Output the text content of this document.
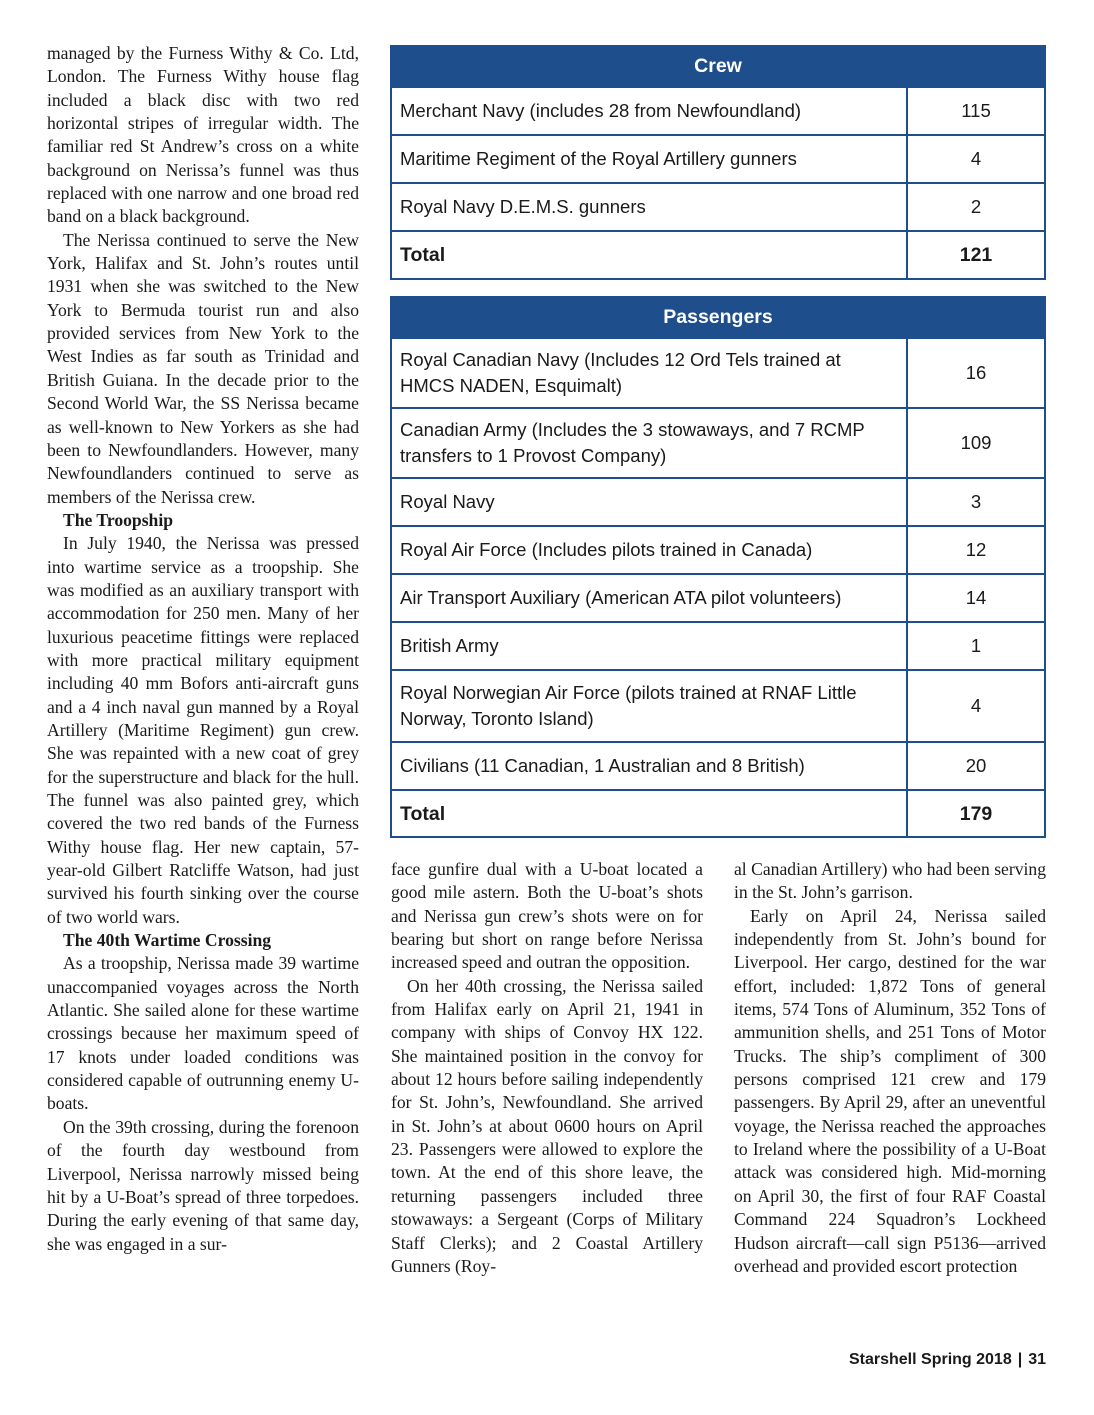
managed by the Furness Withy & Co. Ltd, London. The Furness Withy house flag included a black disc with two red horizontal stripes of irregular width. The familiar red St Andrew’s cross on a white background on Nerissa’s funnel was thus replaced with one narrow and one broad red band on a black background.

The Nerissa continued to serve the New York, Halifax and St. John’s routes until 1931 when she was switched to the New York to Bermuda tourist run and also provided services from New York to the West Indies as far south as Trinidad and British Guiana. In the decade prior to the Second World War, the SS Nerissa became as well-known to New Yorkers as she had been to Newfoundlanders. However, many Newfoundlanders continued to serve as members of the Nerissa crew.

The Troopship

In July 1940, the Nerissa was pressed into wartime service as a troopship. She was modified as an auxiliary transport with accommodation for 250 men. Many of her luxurious peacetime fittings were replaced with more practical military equipment including 40 mm Bofors anti-aircraft guns and a 4 inch naval gun manned by a Royal Artillery (Maritime Regiment) gun crew. She was repainted with a new coat of grey for the superstructure and black for the hull. The funnel was also painted grey, which covered the two red bands of the Furness Withy house flag. Her new captain, 57-year-old Gilbert Ratcliffe Watson, had just survived his fourth sinking over the course of two world wars.

The 40th Wartime Crossing

As a troopship, Nerissa made 39 wartime unaccompanied voyages across the North Atlantic. She sailed alone for these wartime crossings because her maximum speed of 17 knots under loaded conditions was considered capable of outrunning enemy U-boats.

On the 39th crossing, during the forenoon of the fourth day westbound from Liverpool, Nerissa narrowly missed being hit by a U-Boat’s spread of three torpedoes. During the early evening of that same day, she was engaged in a sur-

Crew	
Merchant Navy (includes 28 from Newfoundland)	115
Maritime Regiment of the Royal Artillery gunners	4
Royal Navy D.E.M.S. gunners	2
Total	121
Passengers	
Royal Canadian Navy (Includes 12 Ord Tels trained at HMCS NADEN, Esquimalt)	16
Canadian Army (Includes the 3 stowaways, and 7 RCMP transfers to 1 Provost Company)	109
Royal Navy	3
Royal Air Force (Includes pilots trained in Canada)	12
Air Transport Auxiliary (American ATA pilot volunteers)	14
British Army	1
Royal Norwegian Air Force (pilots trained at RNAF Little Norway, Toronto Island)	4
Civilians (11 Canadian, 1 Australian and 8 British)	20
Total	179

face gunfire dual with a U-boat located a good mile astern. Both the U-boat’s shots and Nerissa gun crew’s shots were on for bearing but short on range before Nerissa increased speed and outran the opposition.

On her 40th crossing, the Nerissa sailed from Halifax early on April 21, 1941 in company with ships of Convoy HX 122. She maintained position in the convoy for about 12 hours before sailing independently for St. John’s, Newfoundland. She arrived in St. John’s at about 0600 hours on April 23. Passengers were allowed to explore the town. At the end of this shore leave, the returning passengers included three stowaways: a Sergeant (Corps of Military Staff Clerks); and 2 Coastal Artillery Gunners (Roy-

al Canadian Artillery) who had been serving in the St. John’s garrison.

Early on April 24, Nerissa sailed independently from St. John’s bound for Liverpool. Her cargo, destined for the war effort, included: 1,872 Tons of general items, 574 Tons of Aluminum, 352 Tons of ammunition shells, and 251 Tons of Motor Trucks. The ship’s compliment of 300 persons comprised 121 crew and 179 passengers. By April 29, after an uneventful voyage, the Nerissa reached the approaches to Ireland where the possibility of a U-Boat attack was considered high. Mid-morning on April 30, the first of four RAF Coastal Command 224 Squadron’s Lockheed Hudson aircraft—call sign P5136—arrived overhead and provided escort protection

Starshell Spring 2018 | 31
